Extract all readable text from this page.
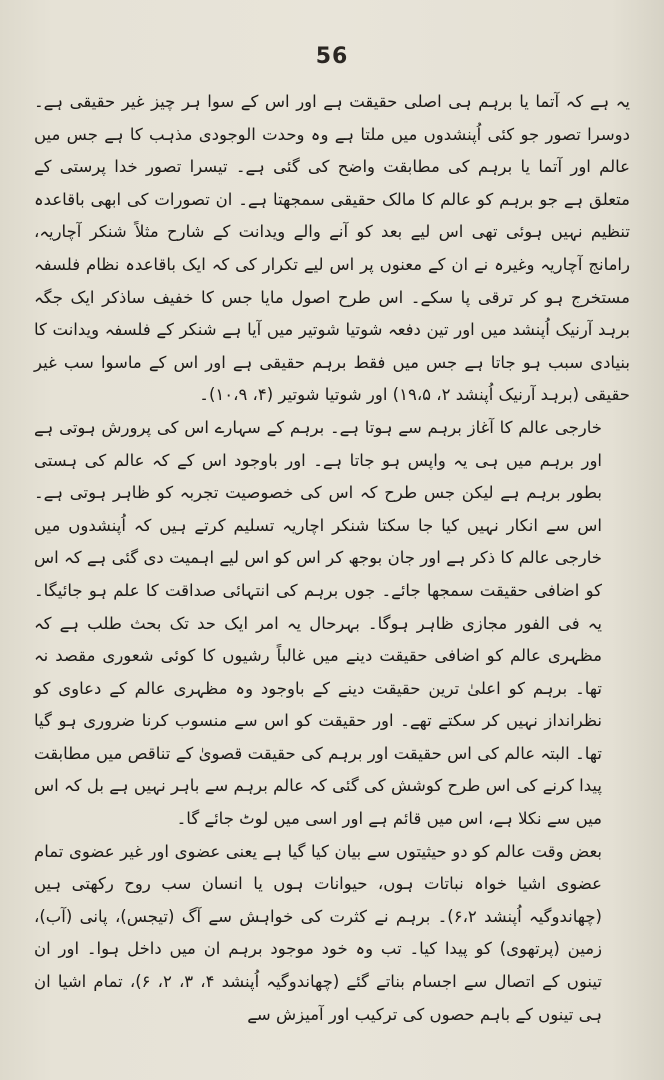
56

یہ ہے کہ آتما یا برہم ہی اصلی حقیقت ہے اور اس کے سوا ہر چیز غیر حقیقی ہے۔ دوسرا تصور جو کئی اُپنشدوں میں ملتا ہے وہ وحدت الوجودی مذہب کا ہے جس میں عالم اور آتما یا برہم کی مطابقت واضح کی گئی ہے۔ تیسرا تصور خدا پرستی کے متعلق ہے جو برہم کو عالم کا مالک حقیقی سمجھتا ہے۔ ان تصورات کی ابھی باقاعدہ تنظیم نہیں ہوئی تھی اس لیے بعد کو آنے والے ویدانت کے شارح مثلاً شنکر آچاریہ، رامانج آچاریہ وغیرہ نے ان کے معنوں پر اس لیے تکرار کی کہ ایک باقاعدہ نظام فلسفہ مستخرج ہو کر ترقی پا سکے۔ اس طرح اصول مایا جس کا خفیف ساذکر ایک جگہ برہد آرنیک اُپنشد میں اور تین دفعہ شوتیا شوتیر میں آیا ہے شنکر کے فلسفہ ویدانت کا بنیادی سبب ہو جاتا ہے جس میں فقط برہم حقیقی ہے اور اس کے ماسوا سب غیر حقیقی (برہد آرنیک اُپنشد ۲، ۱۹،۵) اور شوتیا شوتیر (۴، ۱۰،۹)۔

خارجی عالم کا آغاز برہم سے ہوتا ہے۔ برہم کے سہارے اس کی پرورش ہوتی ہے اور برہم میں ہی یہ واپس ہو جاتا ہے۔ اور باوجود اس کے کہ عالم کی ہستی بطور برہم ہے لیکن جس طرح کہ اس کی خصوصیت تجربہ کو ظاہر ہوتی ہے۔ اس سے انکار نہیں کیا جا سکتا شنکر اچاریہ تسلیم کرتے ہیں کہ اُپنشدوں میں خارجی عالم کا ذکر ہے اور جان بوجھ کر اس کو اس لیے اہمیت دی گئی ہے کہ اس کو اضافی حقیقت سمجھا جائے۔ جوں برہم کی انتہائی صداقت کا علم ہو جائیگا۔ یہ فی الفور مجازی ظاہر ہوگا۔ بہرحال یہ امر ایک حد تک بحث طلب ہے کہ مظہری عالم کو اضافی حقیقت دینے میں غالباً رشیوں کا کوئی شعوری مقصد نہ تھا۔ برہم کو اعلیٰ ترین حقیقت دینے کے باوجود وہ مظہری عالم کے دعاوی کو نظرانداز نہیں کر سکتے تھے۔ اور حقیقت کو اس سے منسوب کرنا ضروری ہو گیا تھا۔ البتہ عالم کی اس حقیقت اور برہم کی حقیقت قصویٰ کے تناقص میں مطابقت پیدا کرنے کی اس طرح کوشش کی گئی کہ عالم برہم سے باہر نہیں ہے بل کہ اس میں سے نکلا ہے، اس میں قائم ہے اور اسی میں لوٹ جائے گا۔

بعض وقت عالم کو دو حیثیتوں سے بیان کیا گیا ہے یعنی عضوی اور غیر عضوی تمام عضوی اشیا خواہ نباتات ہوں، حیوانات ہوں یا انسان سب روح رکھتی ہیں (چھاندوگیہ اُپنشد ۶،۲)۔ برہم نے کثرت کی خواہش سے آگ (تیجس)، پانی (آب)، زمین (پرتھوی) کو پیدا کیا۔ تب وہ خود موجود برہم ان میں داخل ہوا۔ اور ان تینوں کے اتصال سے اجسام بناتے گئے (چھاندوگیہ اُپنشد ۴، ۳، ۲، ۶)، تمام اشیا ان ہی تینوں کے باہم حصوں کی ترکیب اور آمیزش سے
